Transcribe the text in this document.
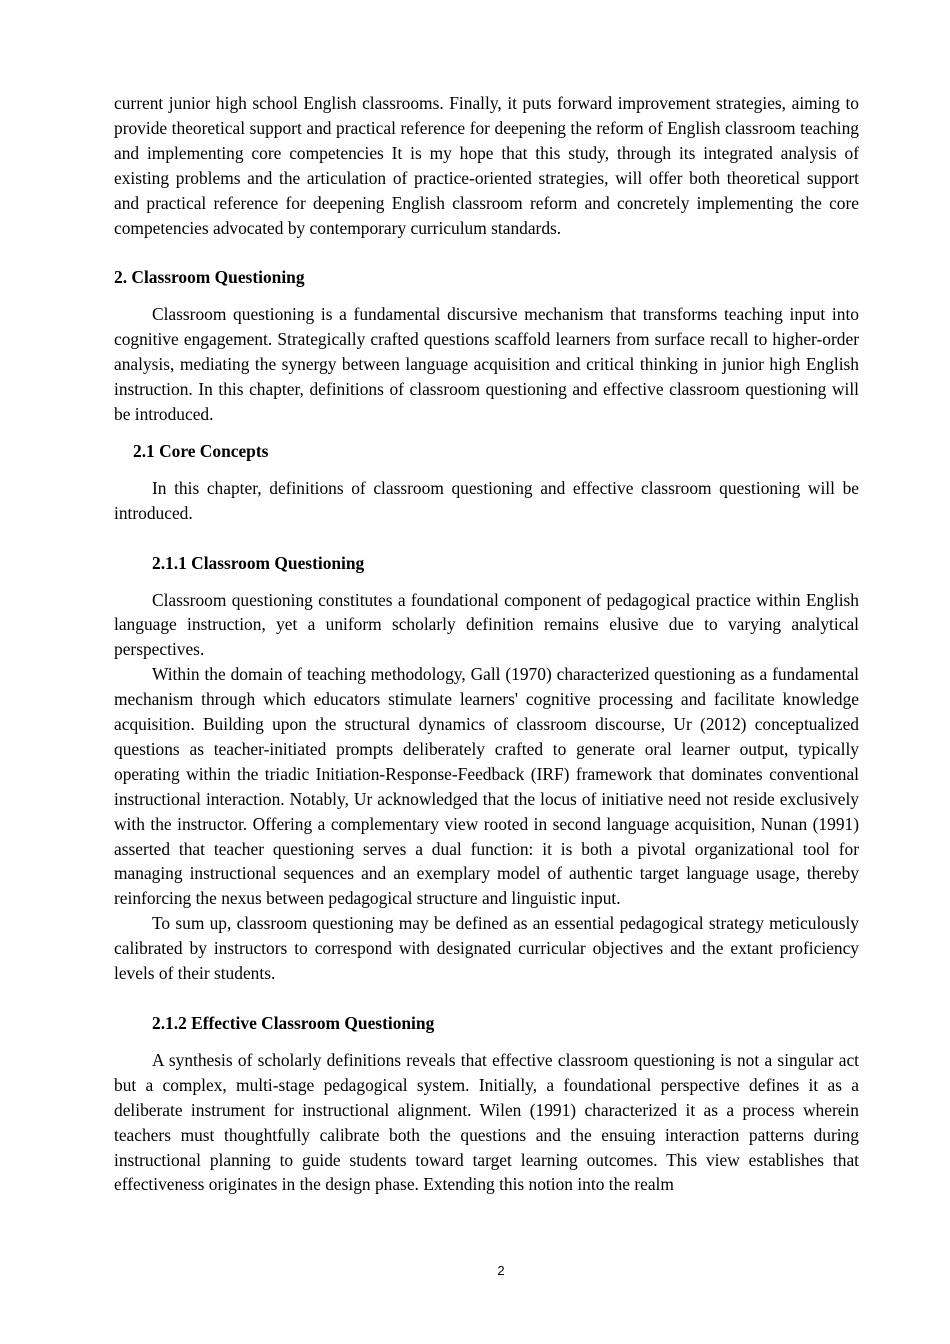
current junior high school English classrooms. Finally, it puts forward improvement strategies, aiming to provide theoretical support and practical reference for deepening the reform of English classroom teaching and implementing core competencies It is my hope that this study, through its integrated analysis of existing problems and the articulation of practice-oriented strategies, will offer both theoretical support and practical reference for deepening English classroom reform and concretely implementing the core competencies advocated by contemporary curriculum standards.

2. Classroom Questioning

Classroom questioning is a fundamental discursive mechanism that transforms teaching input into cognitive engagement. Strategically crafted questions scaffold learners from surface recall to higher-order analysis, mediating the synergy between language acquisition and critical thinking in junior high English instruction. In this chapter, definitions of classroom questioning and effective classroom questioning will be introduced.

2.1 Core Concepts

In this chapter, definitions of classroom questioning and effective classroom questioning will be introduced.

2.1.1 Classroom Questioning

Classroom questioning constitutes a foundational component of pedagogical practice within English language instruction, yet a uniform scholarly definition remains elusive due to varying analytical perspectives.

Within the domain of teaching methodology, Gall (1970) characterized questioning as a fundamental mechanism through which educators stimulate learners' cognitive processing and facilitate knowledge acquisition. Building upon the structural dynamics of classroom discourse, Ur (2012) conceptualized questions as teacher-initiated prompts deliberately crafted to generate oral learner output, typically operating within the triadic Initiation-Response-Feedback (IRF) framework that dominates conventional instructional interaction. Notably, Ur acknowledged that the locus of initiative need not reside exclusively with the instructor. Offering a complementary view rooted in second language acquisition, Nunan (1991) asserted that teacher questioning serves a dual function: it is both a pivotal organizational tool for managing instructional sequences and an exemplary model of authentic target language usage, thereby reinforcing the nexus between pedagogical structure and linguistic input.

To sum up, classroom questioning may be defined as an essential pedagogical strategy meticulously calibrated by instructors to correspond with designated curricular objectives and the extant proficiency levels of their students.

2.1.2 Effective Classroom Questioning

A synthesis of scholarly definitions reveals that effective classroom questioning is not a singular act but a complex, multi-stage pedagogical system. Initially, a foundational perspective defines it as a deliberate instrument for instructional alignment. Wilen (1991) characterized it as a process wherein teachers must thoughtfully calibrate both the questions and the ensuing interaction patterns during instructional planning to guide students toward target learning outcomes. This view establishes that effectiveness originates in the design phase. Extending this notion into the realm

2
